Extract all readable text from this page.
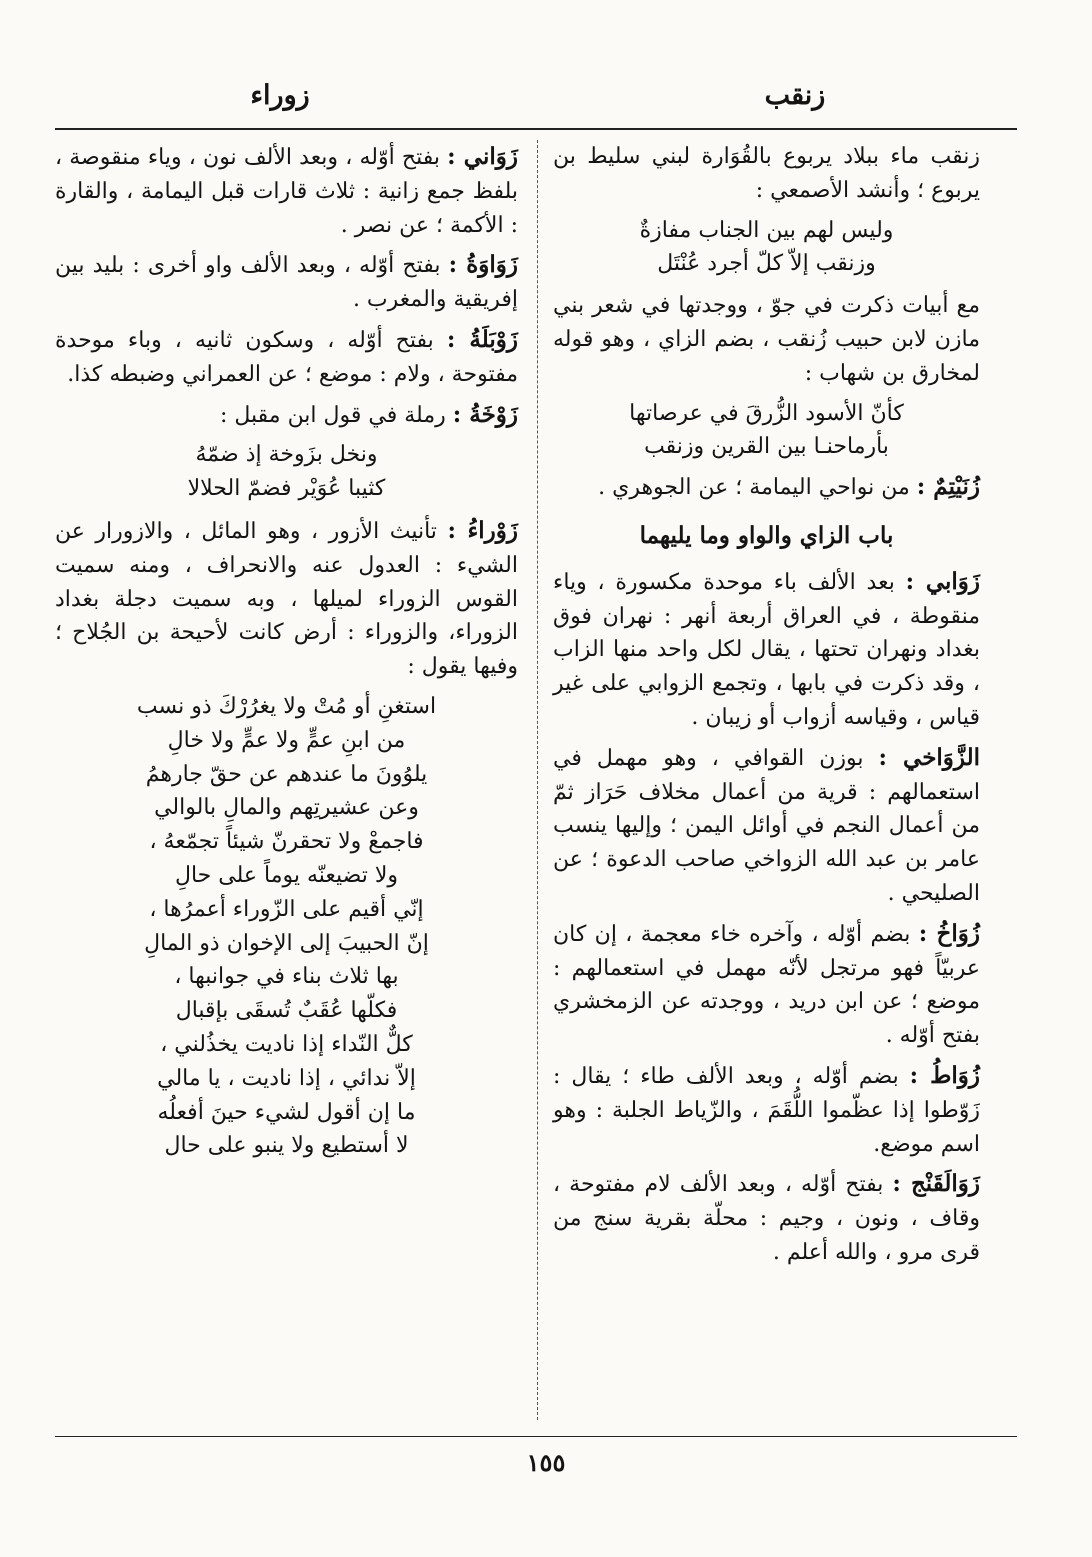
زنقب
زوراء
زنقب ماء ببلاد يربوع بالقُوَارة لبني سليط بن يربوع ؛ وأنشد الأصمعي :
وليس لهم بين الجناب مفازةٌ
وزنقب إلاّ كلّ أجرد عُنْتَل
مع أبيات ذكرت في جوّ ، ووجدتها في شعر بني مازن لابن حبيب زُنقب ، بضم الزاي ، وهو قوله لمخارق بن شهاب :
كأنّ الأسود الزُّرقَ في عرصاتها
بأرماحنـا بين القرين وزنقب
زُنَيْتِمٌ : من نواحي اليمامة ؛ عن الجوهري .
باب الزاي والواو وما يليهما
زَوَابي : بعد الألف باء موحدة مكسورة ، وياء منقوطة ، في العراق أربعة أنهر : نهران فوق بغداد ونهران تحتها ، يقال لكل واحد منها الزاب ، وقد ذكرت في بابها ، وتجمع الزوابي على غير قياس ، وقياسه أزواب أو زيبان .
الزَّوَاخي : بوزن القوافي ، وهو مهمل في استعمالهم : قرية من أعمال مخلاف حَرَاز ثمّ من أعمال النجم في أوائل اليمن ؛ وإليها ينسب عامر بن عبد الله الزواخي صاحب الدعوة ؛ عن الصليحي .
زُوَاخُ : بضم أوّله ، وآخره خاء معجمة ، إن كان عربيّاً فهو مرتجل لأنّه مهمل في استعمالهم : موضع ؛ عن ابن دريد ، ووجدته عن الزمخشري بفتح أوّله .
زُوَاطُ : بضم أوّله ، وبعد الألف طاء ؛ يقال : زَوّطوا إذا عظّموا اللُّقَمَ ، والزّياط الجلبة : وهو اسم موضع.
زَوَالَقَنْج : بفتح أوّله ، وبعد الألف لام مفتوحة ، وقاف ، ونون ، وجيم : محلّة بقرية سنج من قرى مرو ، والله أعلم .
زَوَاني : بفتح أوّله ، وبعد الألف نون ، وياء منقوصة ، بلفظ جمع زانية : ثلاث قارات قبل اليمامة ، والقارة : الأكمة ؛ عن نصر .
زَوَاوَةُ : بفتح أوّله ، وبعد الألف واو أخرى : بليد بين إفريقية والمغرب .
زَوْبَلَةُ : بفتح أوّله ، وسكون ثانيه ، وباء موحدة مفتوحة ، ولام : موضع ؛ عن العمراني وضبطه كذا.
زَوْخَةُ : رملة في قول ابن مقبل :
ونخل بزَوخة إذ ضمّهُ
كثيبا عُوَيْر فضمّ الحلالا
زَوْراءُ : تأنيث الأزور ، وهو المائل ، والازورار عن الشيء : العدول عنه والانحراف ، ومنه سميت القوس الزوراء لميلها ، وبه سميت دجلة بغداد الزوراء، والزوراء : أرض كانت لأحيحة بن الجُلاح ؛ وفيها يقول :
استغنِ أو مُتْ ولا يغرُرْكَ ذو نسب
من ابنِ عمٍّ ولا عمٍّ ولا خالِ
يلوُونَ ما عندهم عن حقّ جارهمُ
وعن عشيرتِهم والمالِ بالوالي
فاجمعْ ولا تحقرنّ شيئاً تجمّعهُ ،
ولا تضيعنّه يوماً على حالِ
إنّي أقيم على الزّوراء أعمرُها ،
إنّ الحبيبَ إلى الإخوان ذو المالِ
بها ثلاث بناء في جوانبها ،
فكلّها عُقَبٌ تُسقَى بإقبال
كلٌّ النّداء إذا ناديت يخذُلني ،
إلاّ ندائي ، إذا ناديت ، يا مالي
ما إن أقول لشيء حينَ أفعلُه
لا أستطيع ولا ينبو على حال
١٥٥
